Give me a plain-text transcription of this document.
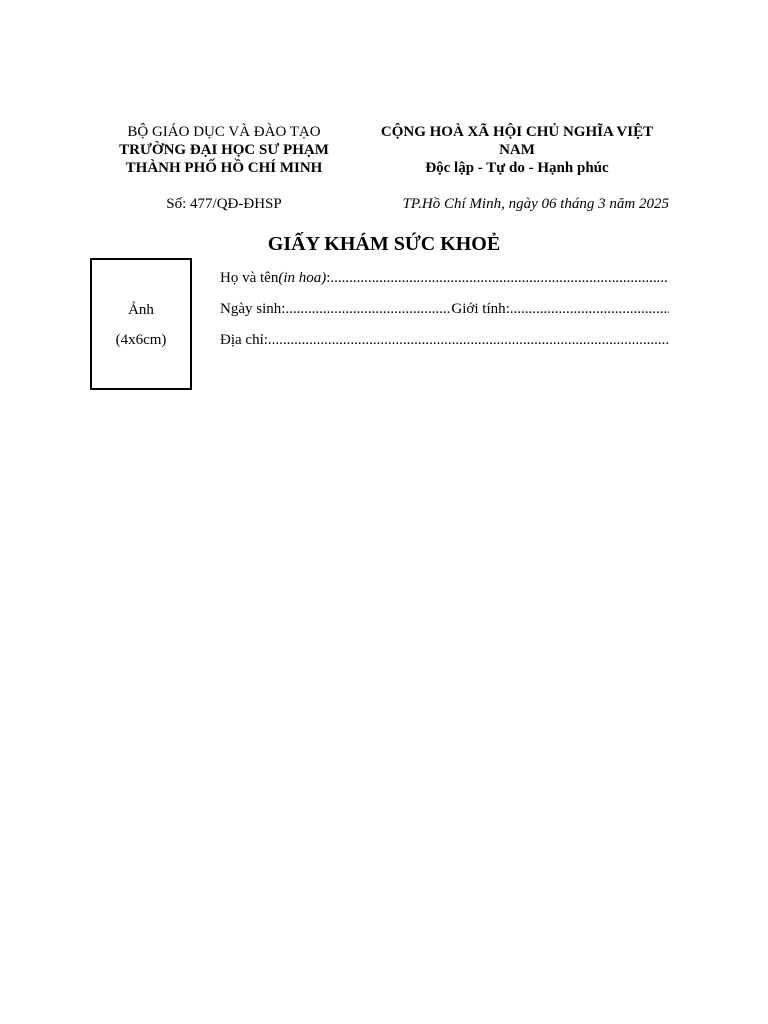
BỘ GIÁO DỤC VÀ ĐÀO TẠO
TRƯỜNG ĐẠI HỌC SƯ PHẠM
THÀNH PHỐ HỒ CHÍ MINH
CỘNG HOÀ XÃ HỘI CHỦ NGHĨA VIỆT
NAM
Độc lập - Tự do - Hạnh phúc
Số: 477/QĐ-ĐHSP	TP.Hồ Chí Minh, ngày 06 tháng 3 năm 2025
GIẤY KHÁM SỨC KHOẺ
Ảnh
(4x6cm)
Họ và tên (in hoa) :
.....
Ngày sinh:
.....	Giới tính:
.....
Địa chỉ:
.....
